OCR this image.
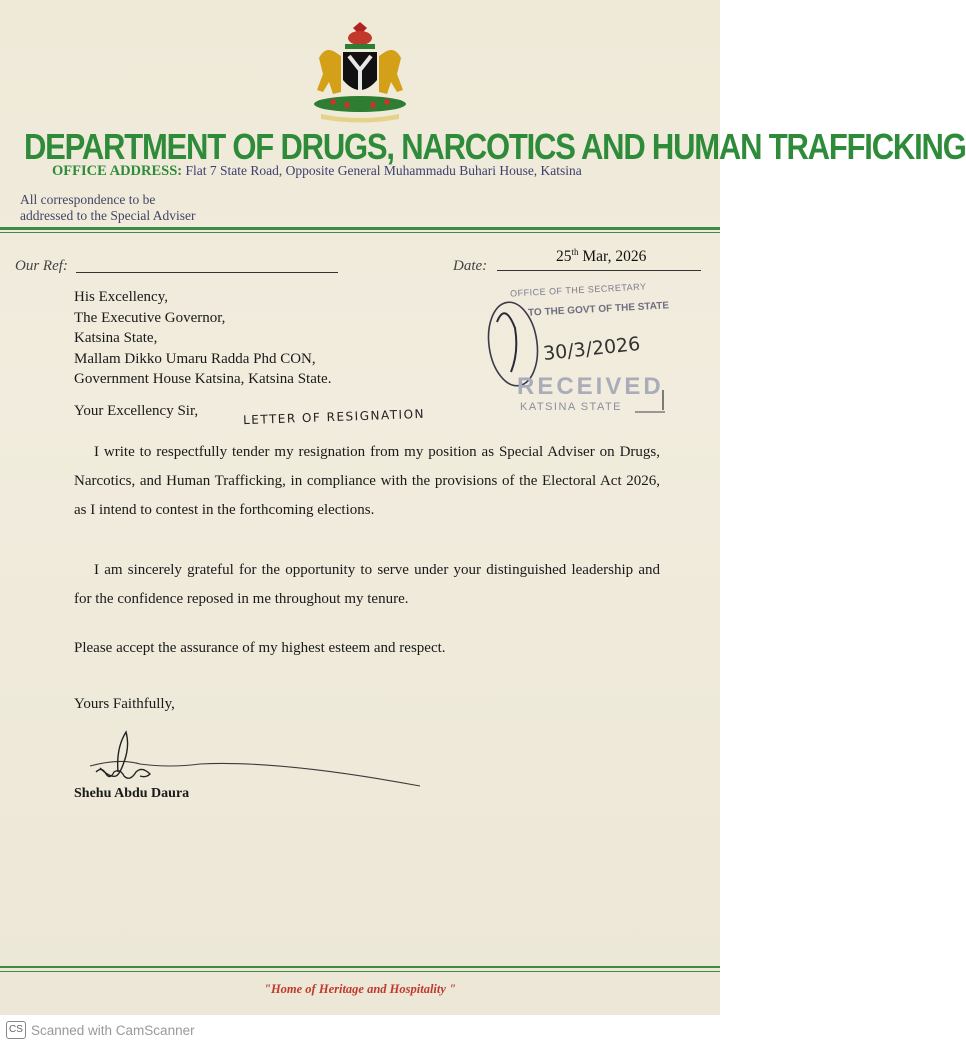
DEPARTMENT OF DRUGS, NARCOTICS AND HUMAN TRAFFICKING
OFFICE ADDRESS: Flat 7 State Road, Opposite General Muhammadu Buhari House, Katsina
All correspondence to be
addressed to the Special Adviser
Our Ref:	Date:
25th Mar, 2026
His Excellency,
The Executive Governor,
Katsina State,
Mallam Dikko Umaru Radda Phd CON,
Government House Katsina, Katsina State.
OFFICE OF THE SECRETARY
TO THE GOVT OF THE STATE
30/3/2026
RECEIVED
KATSINA STATE
Your Excellency Sir,	LETTER OF RESIGNATION
I write to respectfully tender my resignation from my position as Special Adviser on Drugs, Narcotics, and Human Trafficking, in compliance with the provisions of the Electoral Act 2026, as I intend to contest in the forthcoming elections.
I am sincerely grateful for the opportunity to serve under your distinguished leadership and for the confidence reposed in me throughout my tenure.
Please accept the assurance of my highest esteem and respect.
Yours Faithfully,
Shehu Abdu Daura
"Home of Heritage and Hospitality "
CS Scanned with CamScanner
